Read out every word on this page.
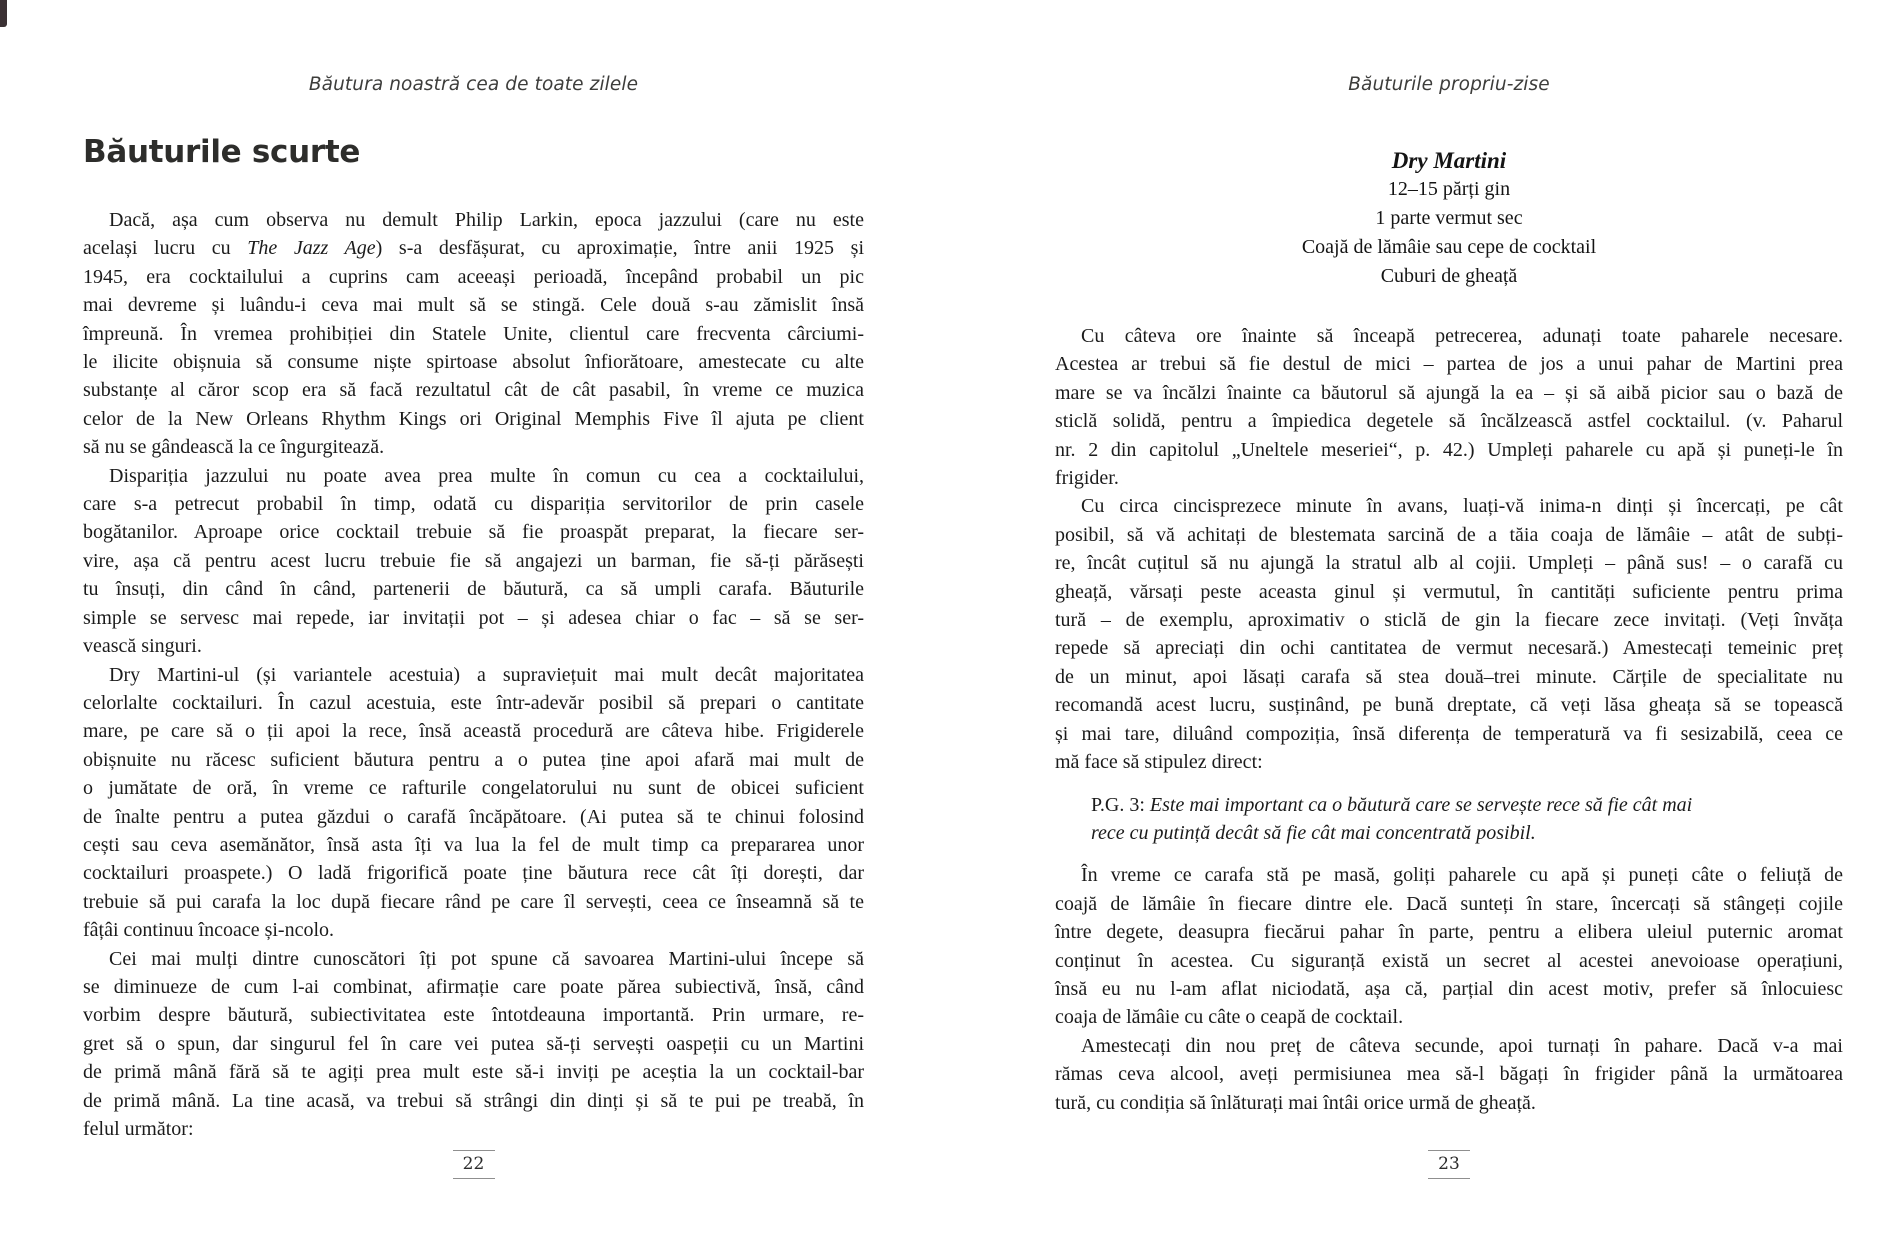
Băutura noastră cea de toate zilele
Băuturile scurte
Dacă, așa cum observa nu demult Philip Larkin, epoca jazzului (care nu este
același lucru cu The Jazz Age) s-a desfășurat, cu aproximație, între anii 1925 și
1945, era cocktailului a cuprins cam aceeași perioadă, începând probabil un pic
mai devreme și luându-i ceva mai mult să se stingă. Cele două s-au zămislit însă
împreună. În vremea prohibiției din Statele Unite, clientul care frecventa cârciumi-
le ilicite obișnuia să consume niște spirtoase absolut înfiorătoare, amestecate cu alte
substanțe al căror scop era să facă rezultatul cât de cât pasabil, în vreme ce muzica
celor de la New Orleans Rhythm Kings ori Original Memphis Five îl ajuta pe client
să nu se gândească la ce îngurgitează.
Dispariția jazzului nu poate avea prea multe în comun cu cea a cocktailului,
care s-a petrecut probabil în timp, odată cu dispariția servitorilor de prin casele
bogătanilor. Aproape orice cocktail trebuie să fie proaspăt preparat, la fiecare ser-
vire, așa că pentru acest lucru trebuie fie să angajezi un barman, fie să-ți părăsești
tu însuți, din când în când, partenerii de băutură, ca să umpli carafa. Băuturile
simple se servesc mai repede, iar invitații pot – și adesea chiar o fac – să se ser-
vească singuri.
Dry Martini-ul (și variantele acestuia) a supraviețuit mai mult decât majoritatea
celorlalte cocktailuri. În cazul acestuia, este într-adevăr posibil să prepari o cantitate
mare, pe care să o ții apoi la rece, însă această procedură are câteva hibe. Frigiderele
obișnuite nu răcesc suficient băutura pentru a o putea ține apoi afară mai mult de
o jumătate de oră, în vreme ce rafturile congelatorului nu sunt de obicei suficient
de înalte pentru a putea găzdui o carafă încăpătoare. (Ai putea să te chinui folosind
cești sau ceva asemănător, însă asta îți va lua la fel de mult timp ca prepararea unor
cocktailuri proaspete.) O ladă frigorifică poate ține băutura rece cât îți dorești, dar
trebuie să pui carafa la loc după fiecare rând pe care îl servești, ceea ce înseamnă să te
fâțâi continuu încoace și-ncolo.
Cei mai mulți dintre cunoscători îți pot spune că savoarea Martini-ului începe să
se diminueze de cum l-ai combinat, afirmație care poate părea subiectivă, însă, când
vorbim despre băutură, subiectivitatea este întotdeauna importantă. Prin urmare, re-
gret să o spun, dar singurul fel în care vei putea să-ți servești oaspeții cu un Martini
de primă mână fără să te agiți prea mult este să-i inviți pe aceștia la un cocktail-bar
de primă mână. La tine acasă, va trebui să strângi din dinți și să te pui pe treabă, în
felul următor:
22
Băuturile propriu-zise
Dry Martini
12–15 părți gin
1 parte vermut sec
Coajă de lămâie sau cepe de cocktail
Cuburi de gheață
Cu câteva ore înainte să înceapă petrecerea, adunați toate paharele necesare.
Acestea ar trebui să fie destul de mici – partea de jos a unui pahar de Martini prea
mare se va încălzi înainte ca băutorul să ajungă la ea – și să aibă picior sau o bază de
sticlă solidă, pentru a împiedica degetele să încălzească astfel cocktailul. (v. Paharul
nr. 2 din capitolul „Uneltele meseriei“, p. 42.) Umpleți paharele cu apă și puneți-le în
frigider.
Cu circa cincisprezece minute în avans, luați-vă inima-n dinți și încercați, pe cât
posibil, să vă achitați de blestemata sarcină de a tăia coaja de lămâie – atât de subți-
re, încât cuțitul să nu ajungă la stratul alb al cojii. Umpleți – până sus! – o carafă cu
gheață, vărsați peste aceasta ginul și vermutul, în cantități suficiente pentru prima
tură – de exemplu, aproximativ o sticlă de gin la fiecare zece invitați. (Veți învăța
repede să apreciați din ochi cantitatea de vermut necesară.) Amestecați temeinic preț
de un minut, apoi lăsați carafa să stea două–trei minute. Cărțile de specialitate nu
recomandă acest lucru, susținând, pe bună dreptate, că veți lăsa gheața să se topească
și mai tare, diluând compoziția, însă diferența de temperatură va fi sesizabilă, ceea ce
mă face să stipulez direct:
P.G. 3: Este mai important ca o băutură care se servește rece să fie cât mai
rece cu putință decât să fie cât mai concentrată posibil.
În vreme ce carafa stă pe masă, goliți paharele cu apă și puneți câte o feliuță de
coajă de lămâie în fiecare dintre ele. Dacă sunteți în stare, încercați să stângeți cojile
între degete, deasupra fiecărui pahar în parte, pentru a elibera uleiul puternic aromat
conținut în acestea. Cu siguranță există un secret al acestei anevoioase operațiuni,
însă eu nu l-am aflat niciodată, așa că, parțial din acest motiv, prefer să înlocuiesc
coaja de lămâie cu câte o ceapă de cocktail.
Amestecați din nou preț de câteva secunde, apoi turnați în pahare. Dacă v-a mai
rămas ceva alcool, aveți permisiunea mea să-l băgați în frigider până la următoarea
tură, cu condiția să înlăturați mai întâi orice urmă de gheață.
23
